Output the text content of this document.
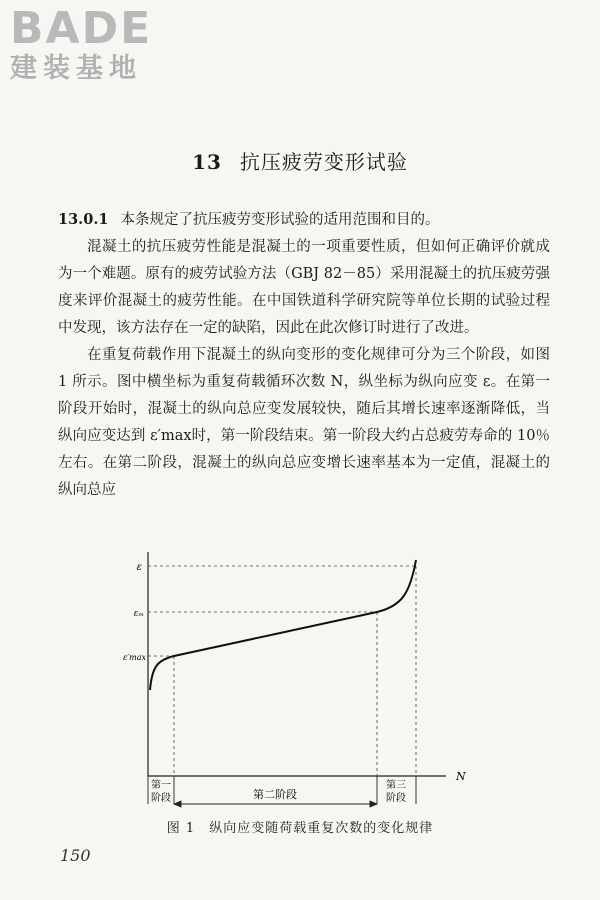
BADE
建装基地
13 抗压疲劳变形试验

13.0.1 本条规定了抗压疲劳变形试验的适用范围和目的。

混凝土的抗压疲劳性能是混凝土的一项重要性质，但如何正确评价就成为一个难题。原有的疲劳试验方法（GBJ 82－85）采用混凝土的抗压疲劳强度来评价混凝土的疲劳性能。在中国铁道科学研究院等单位长期的试验过程中发现，该方法存在一定的缺陷，因此在此次修订时进行了改进。

在重复荷载作用下混凝土的纵向变形的变化规律可分为三个阶段，如图 1 所示。图中横坐标为重复荷载循环次数 N，纵坐标为纵向应变 ε。在第一阶段开始时，混凝土的纵向总应变发展较快，随后其增长速率逐渐降低，当纵向应变达到 ε′max时，第一阶段结束。第一阶段大约占总疲劳寿命的 10％左右。在第二阶段，混凝土的纵向总应变增长速率基本为一定值，混凝土的纵向总应

ε
εₘ
ε′max
N
第一
阶段	第二阶段
第三
阶段
图 1　纵向应变随荷载重复次数的变化规律
150
